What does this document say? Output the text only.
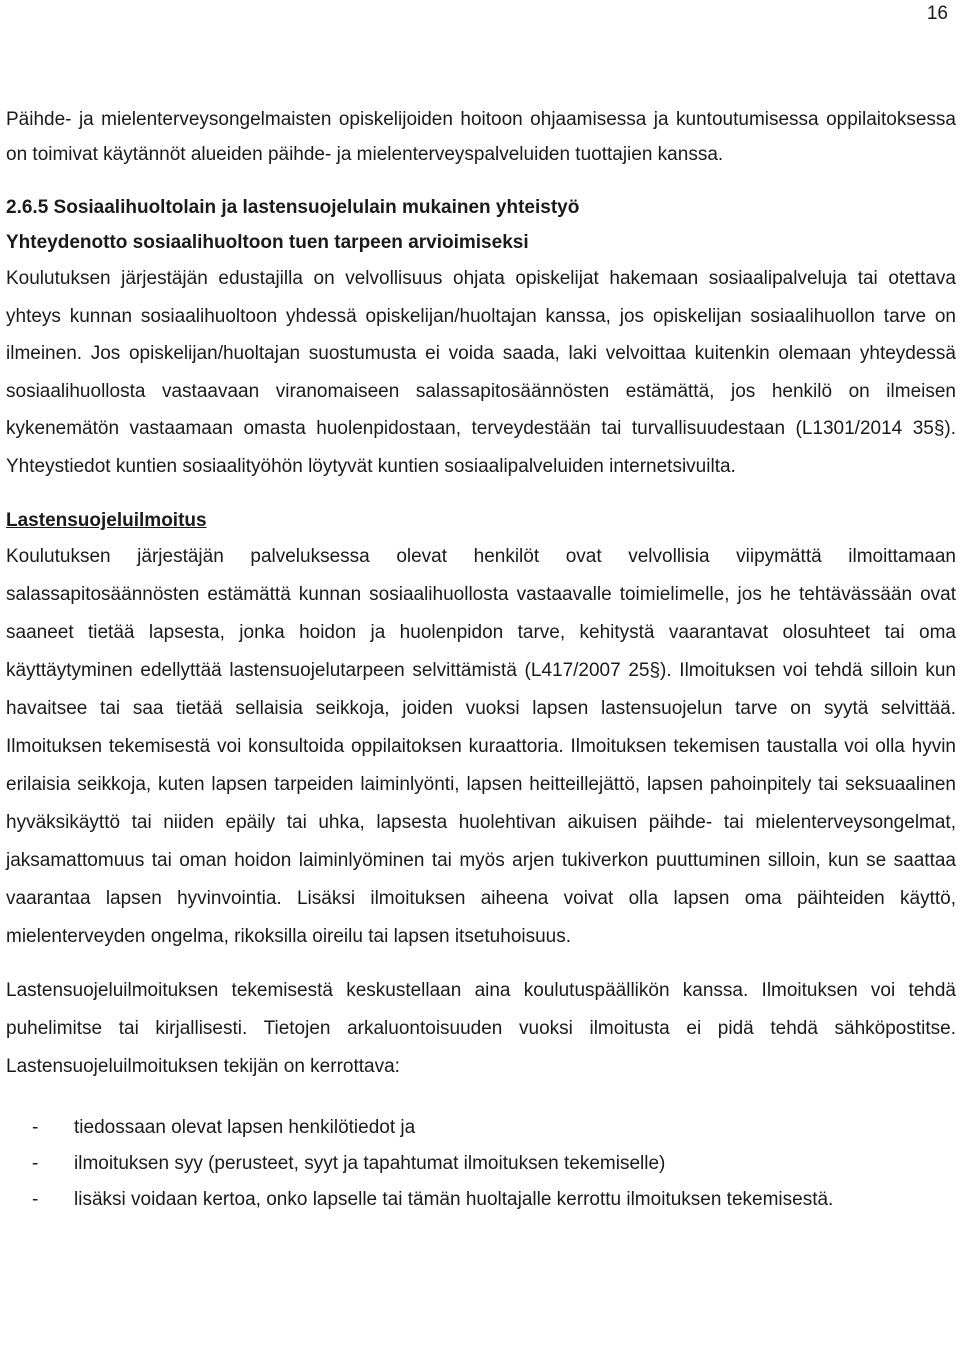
16

Päihde- ja mielenterveysongelmaisten opiskelijoiden hoitoon ohjaamisessa ja kuntoutumisessa oppilaitoksessa on toimivat käytännöt alueiden päihde- ja mielenterveyspalveluiden tuottajien kanssa.

2.6.5 Sosiaalihuoltolain ja lastensuojelulain mukainen yhteistyö
Yhteydenotto sosiaalihuoltoon tuen tarpeen arvioimiseksi

Koulutuksen järjestäjän edustajilla on velvollisuus ohjata opiskelijat hakemaan sosiaalipalveluja tai otettava yhteys kunnan sosiaalihuoltoon yhdessä opiskelijan/huoltajan kanssa, jos opiskelijan sosiaalihuollon tarve on ilmeinen. Jos opiskelijan/huoltajan suostumusta ei voida saada, laki velvoittaa kuitenkin olemaan yhteydessä sosiaalihuollosta vastaavaan viranomaiseen salassapitosäännösten estämättä, jos henkilö on ilmeisen kykenemätön vastaamaan omasta huolenpidostaan, terveydestään tai turvallisuudestaan (L1301/2014 35§). Yhteystiedot kuntien sosiaalityöhön löytyvät kuntien sosiaalipalveluiden internetsivuilta.

Lastensuojeluilmoitus

Koulutuksen järjestäjän palveluksessa olevat henkilöt ovat velvollisia viipymättä ilmoittamaan salassapitosäännösten estämättä kunnan sosiaalihuollosta vastaavalle toimielimelle, jos he tehtävässään ovat saaneet tietää lapsesta, jonka hoidon ja huolenpidon tarve, kehitystä vaarantavat olosuhteet tai oma käyttäytyminen edellyttää lastensuojelutarpeen selvittämistä (L417/2007 25§). Ilmoituksen voi tehdä silloin kun havaitsee tai saa tietää sellaisia seikkoja, joiden vuoksi lapsen lastensuojelun tarve on syytä selvittää. Ilmoituksen tekemisestä voi konsultoida oppilaitoksen kuraattoria. Ilmoituksen tekemisen taustalla voi olla hyvin erilaisia seikkoja, kuten lapsen tarpeiden laiminlyönti, lapsen heitteillejättö, lapsen pahoinpitely tai seksuaalinen hyväksikäyttö tai niiden epäily tai uhka, lapsesta huolehtivan aikuisen päihde- tai mielenterveysongelmat, jaksamattomuus tai oman hoidon laiminlyöminen tai myös arjen tukiverkon puuttuminen silloin, kun se saattaa vaarantaa lapsen hyvinvointia. Lisäksi ilmoituksen aiheena voivat olla lapsen oma päihteiden käyttö, mielenterveyden ongelma, rikoksilla oireilu tai lapsen itsetuhoisuus.

Lastensuojeluilmoituksen tekemisestä keskustellaan aina koulutuspäällikön kanssa. Ilmoituksen voi tehdä puhelimitse tai kirjallisesti. Tietojen arkaluontoisuuden vuoksi ilmoitusta ei pidä tehdä sähköpostitse. Lastensuojeluilmoituksen tekijän on kerrottava:

- tiedossaan olevat lapsen henkilötiedot ja
- ilmoituksen syy (perusteet, syyt ja tapahtumat ilmoituksen tekemiselle)
- lisäksi voidaan kertoa, onko lapselle tai tämän huoltajalle kerrottu ilmoituksen tekemisestä.
